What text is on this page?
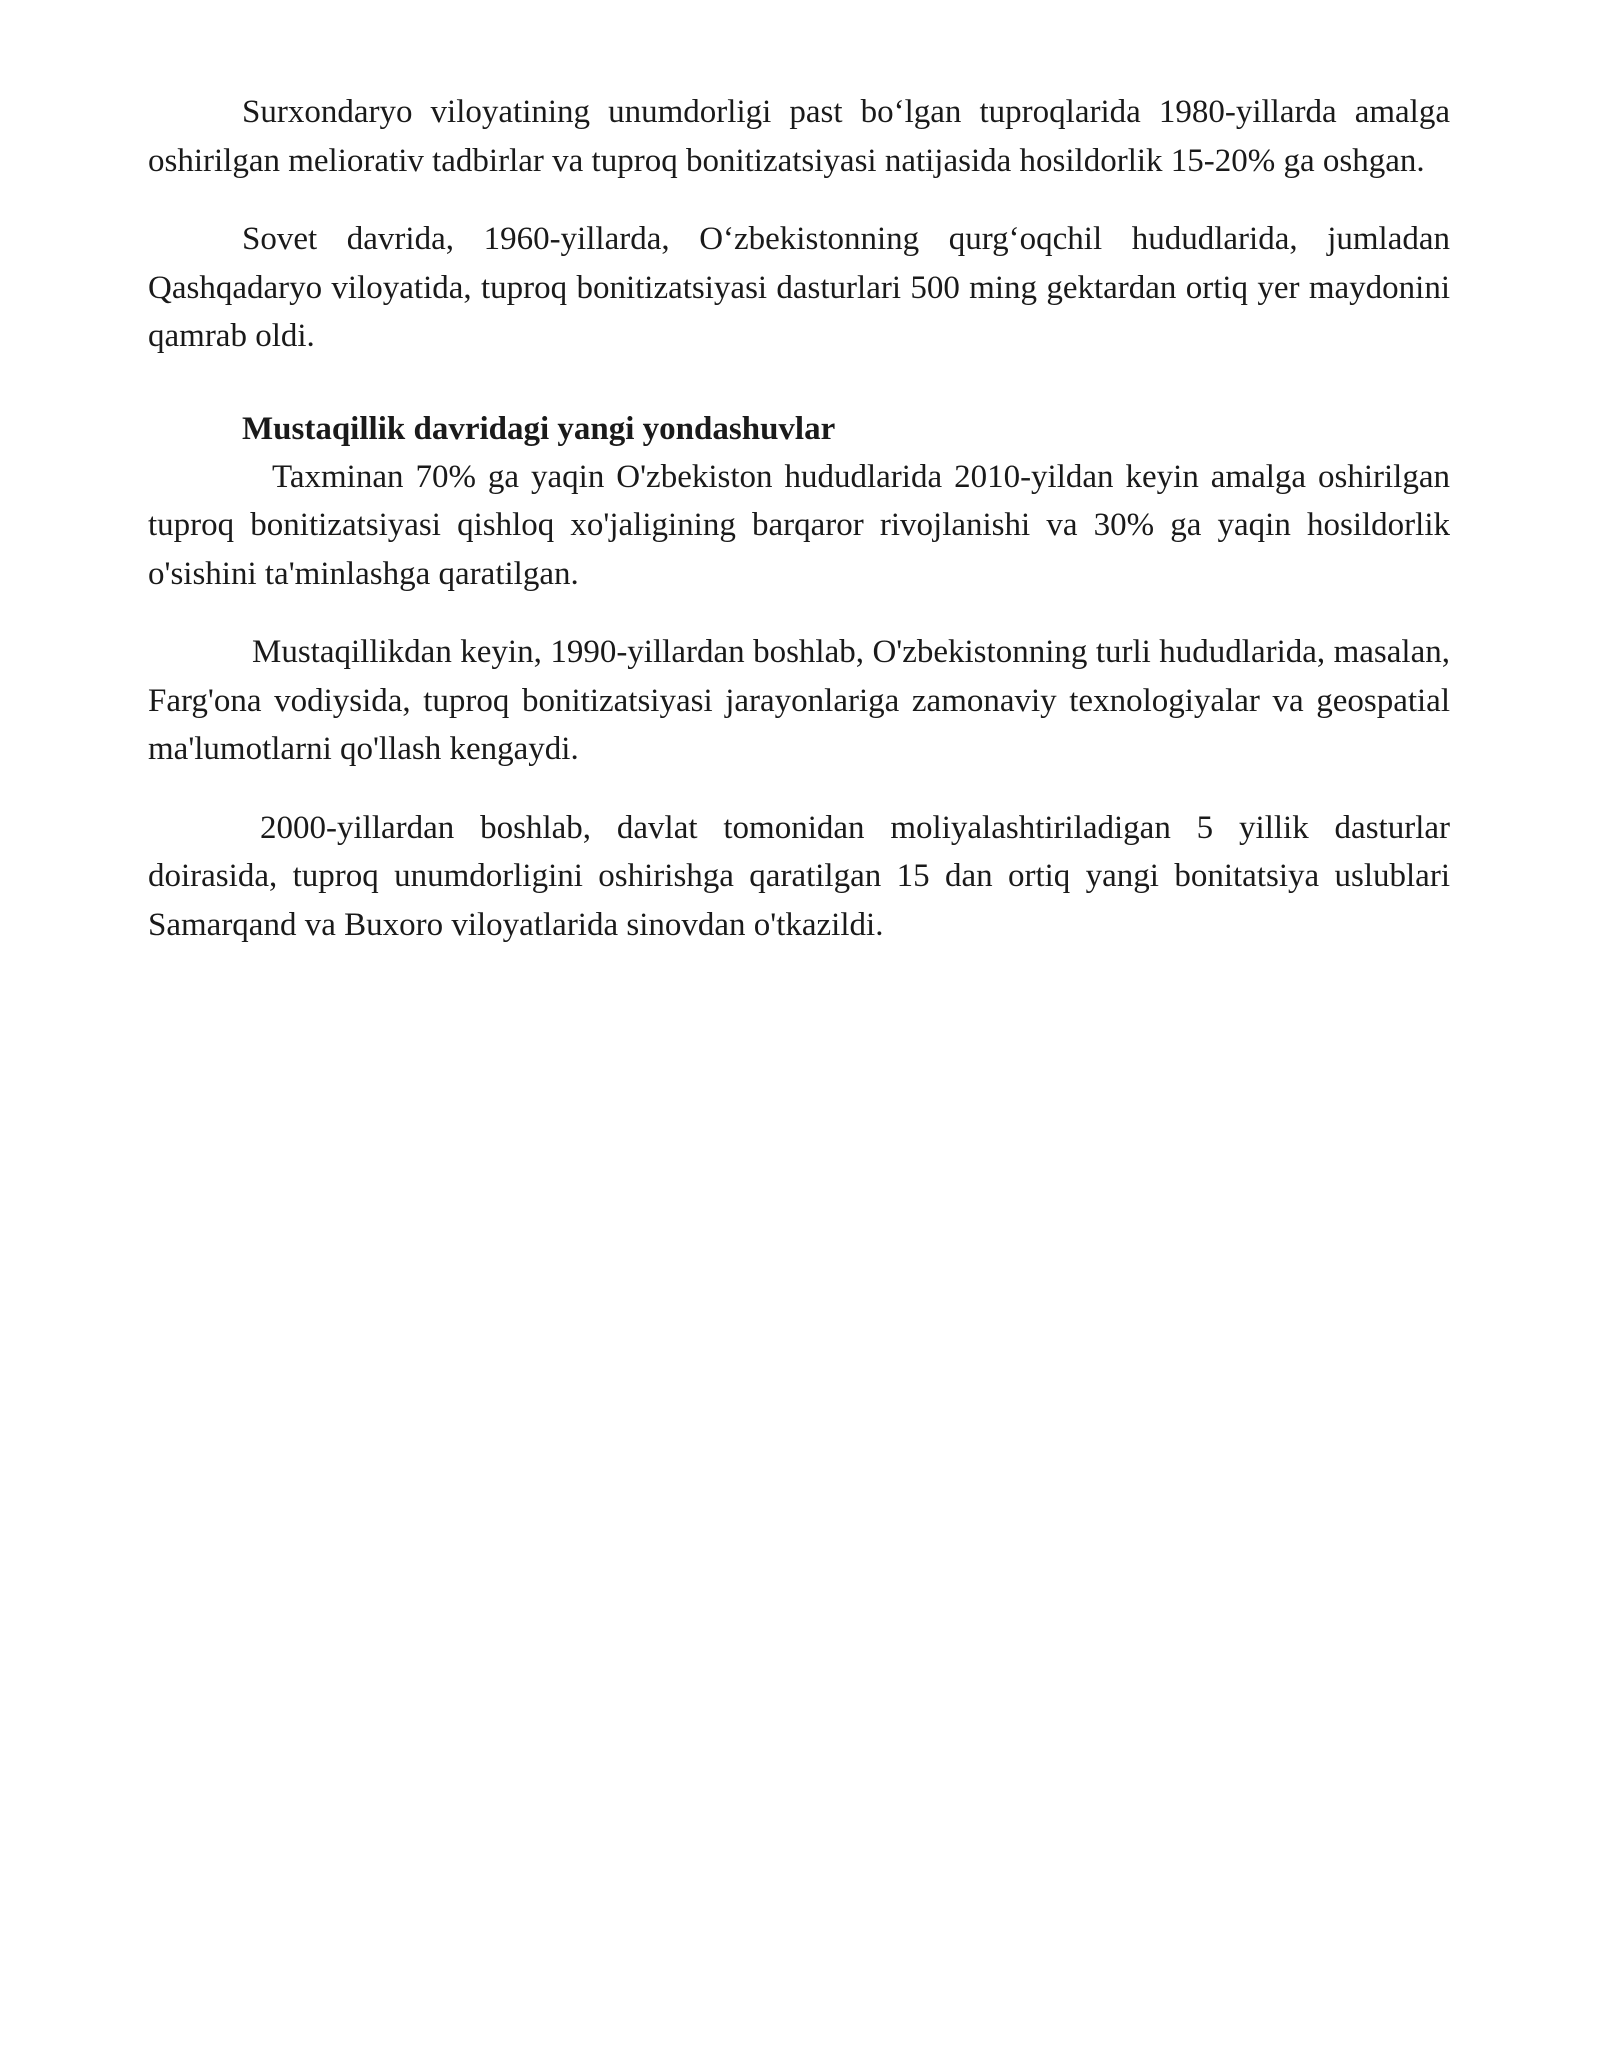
Surxondaryo viloyatining unumdorligi past bo‘lgan tuproqlarida 1980-yillarda amalga oshirilgan meliorativ tadbirlar va tuproq bonitizatsiyasi natijasida hosildorlik 15-20% ga oshgan.

Sovet davrida, 1960-yillarda, O‘zbekistonning qurg‘oqchil hududlarida, jumladan Qashqadaryo viloyatida, tuproq bonitizatsiyasi dasturlari 500 ming gektardan ortiq yer maydonini qamrab oldi.

Mustaqillik davridagi yangi yondashuvlar

Taxminan 70% ga yaqin O'zbekiston hududlarida 2010-yildan keyin amalga oshirilgan tuproq bonitizatsiyasi qishloq xo'jaligining barqaror rivojlanishi va 30% ga yaqin hosildorlik o'sishini ta'minlashga qaratilgan.

Mustaqillikdan keyin, 1990-yillardan boshlab, O'zbekistonning turli hududlarida, masalan, Farg'ona vodiysida, tuproq bonitizatsiyasi jarayonlariga zamonaviy texnologiyalar va geospatial ma'lumotlarni qo'llash kengaydi.

2000-yillardan boshlab, davlat tomonidan moliyalashtiriladigan 5 yillik dasturlar doirasida, tuproq unumdorligini oshirishga qaratilgan 15 dan ortiq yangi bonitatsiya uslublari Samarqand va Buxoro viloyatlarida sinovdan o'tkazildi.
